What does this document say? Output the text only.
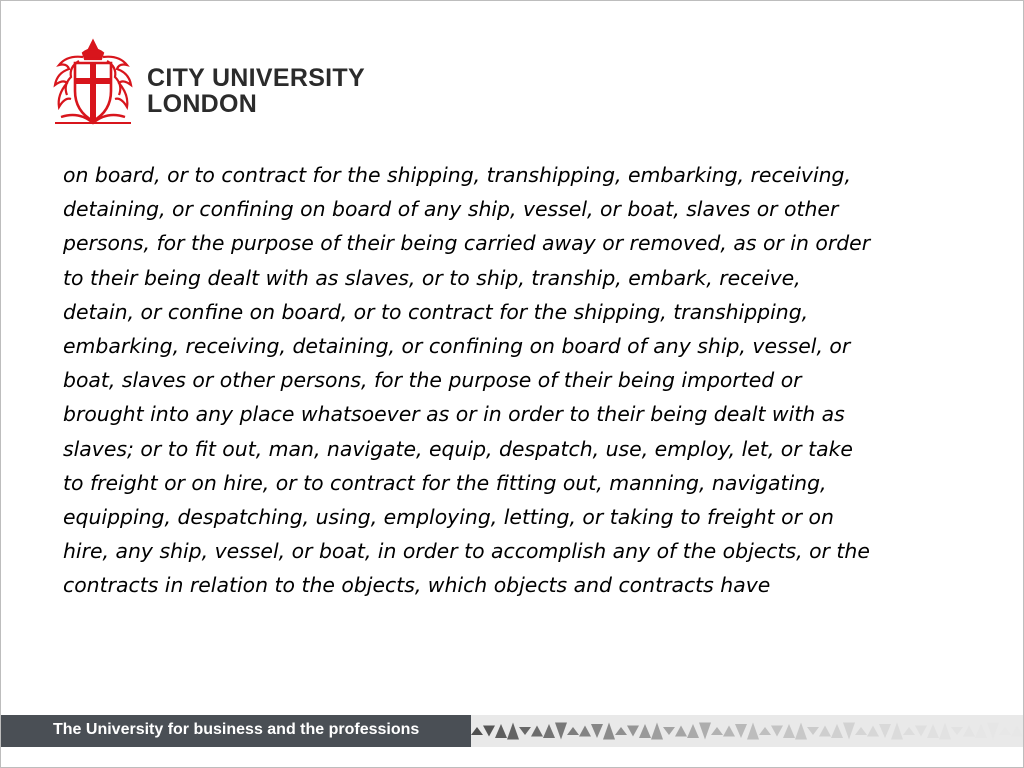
CITY UNIVERSITY
LONDON

on board, or to contract for the shipping, transhipping, embarking, receiving,
detaining, or confining on board of any ship, vessel, or boat, slaves or other
persons, for the purpose of their being carried away or removed, as or in order
to their being dealt with as slaves, or to ship, tranship, embark, receive,
detain, or confine on board, or to contract for the shipping, transhipping,
embarking, receiving, detaining, or confining on board of any ship, vessel, or
boat, slaves or other persons, for the purpose of their being imported or
brought into any place whatsoever as or in order to their being dealt with as
slaves; or to fit out, man, navigate, equip, despatch, use, employ, let, or take
to freight or on hire, or to contract for the fitting out, manning, navigating,
equipping, despatching, using, employing, letting, or taking to freight or on
hire, any ship, vessel, or boat, in order to accomplish any of the objects, or the
contracts in relation to the objects, which objects and contracts have

The University for business and the professions
